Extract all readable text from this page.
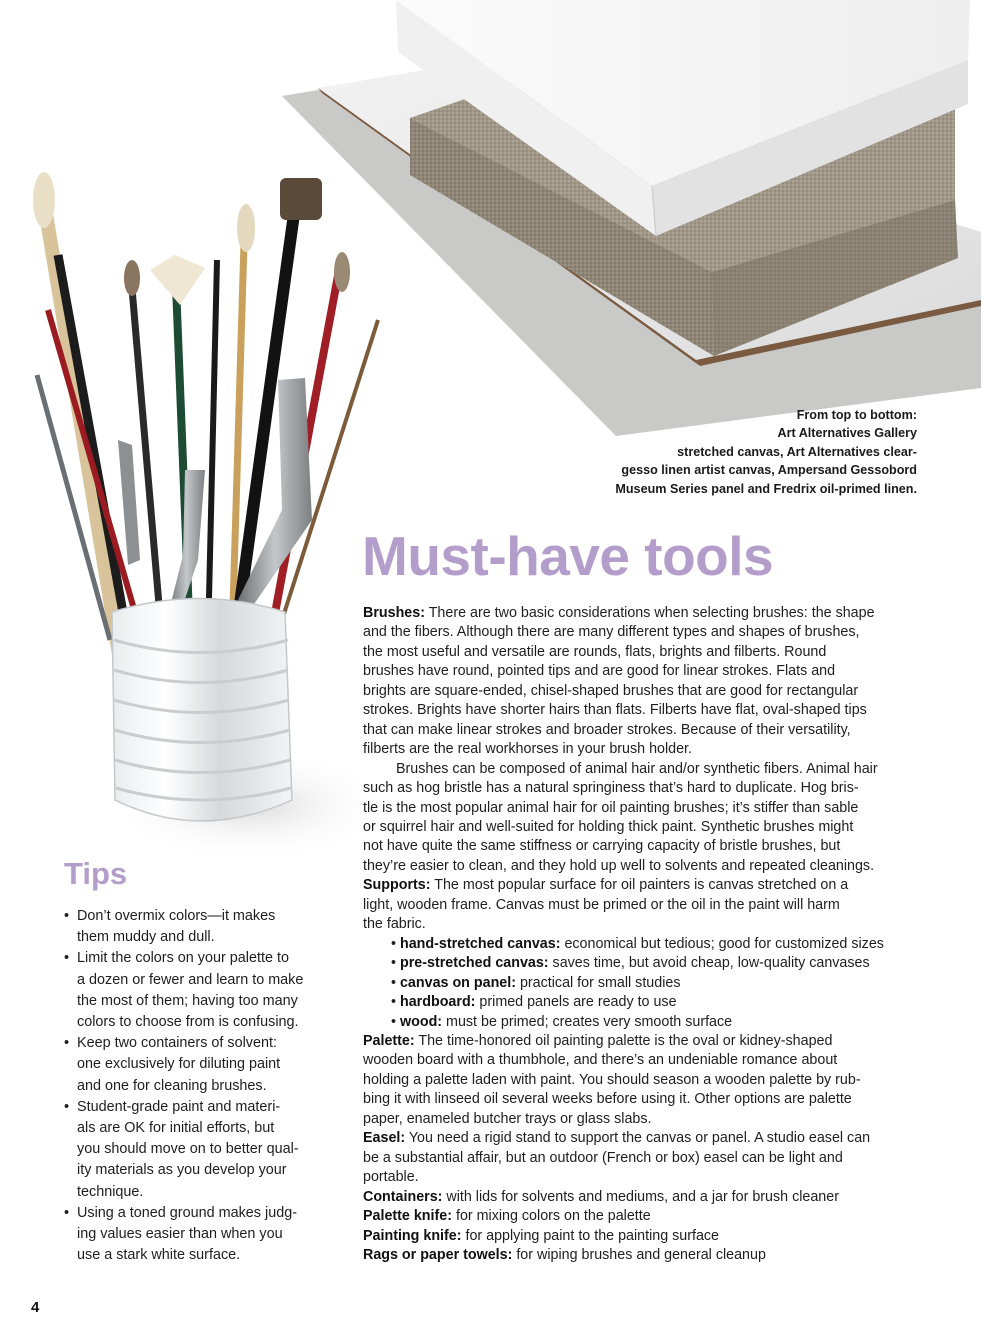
From top to bottom:
Art Alternatives Gallery
stretched canvas, Art Alternatives clear-
gesso linen artist canvas, Ampersand Gessobord
Museum Series panel and Fredrix oil-primed linen.
Must-have tools
Brushes: There are two basic considerations when selecting brushes: the shape
and the fibers. Although there are many different types and shapes of brushes,
the most useful and versatile are rounds, flats, brights and filberts. Round
brushes have round, pointed tips and are good for linear strokes. Flats and
brights are square-ended, chisel-shaped brushes that are good for rectangular
strokes. Brights have shorter hairs than flats. Filberts have flat, oval-shaped tips
that can make linear strokes and broader strokes. Because of their versatility,
filberts are the real workhorses in your brush holder.
Brushes can be composed of animal hair and/or synthetic fibers. Animal hair
such as hog bristle has a natural springiness that’s hard to duplicate. Hog bris-
tle is the most popular animal hair for oil painting brushes; it’s stiffer than sable
or squirrel hair and well-suited for holding thick paint. Synthetic brushes might
not have quite the same stiffness or carrying capacity of bristle brushes, but
they’re easier to clean, and they hold up well to solvents and repeated cleanings.
Supports: The most popular surface for oil painters is canvas stretched on a
light, wooden frame. Canvas must be primed or the oil in the paint will harm
the fabric.
• hand-stretched canvas: economical but tedious; good for customized sizes
• pre-stretched canvas: saves time, but avoid cheap, low-quality canvases
• canvas on panel: practical for small studies
• hardboard: primed panels are ready to use
• wood: must be primed; creates very smooth surface
Palette: The time-honored oil painting palette is the oval or kidney-shaped
wooden board with a thumbhole, and there’s an undeniable romance about
holding a palette laden with paint. You should season a wooden palette by rub-
bing it with linseed oil several weeks before using it. Other options are palette
paper, enameled butcher trays or glass slabs.
Easel: You need a rigid stand to support the canvas or panel. A studio easel can
be a substantial affair, but an outdoor (French or box) easel can be light and
portable.
Containers: with lids for solvents and mediums, and a jar for brush cleaner
Palette knife: for mixing colors on the palette
Painting knife: for applying paint to the painting surface
Rags or paper towels: for wiping brushes and general cleanup
Tips
• Don’t overmix colors—it makes
them muddy and dull.
• Limit the colors on your palette to
a dozen or fewer and learn to make
the most of them; having too many
colors to choose from is confusing.
• Keep two containers of solvent:
one exclusively for diluting paint
and one for cleaning brushes.
• Student-grade paint and materi-
als are OK for initial efforts, but
you should move on to better qual-
ity materials as you develop your
technique.
• Using a toned ground makes judg-
ing values easier than when you
use a stark white surface.
4
